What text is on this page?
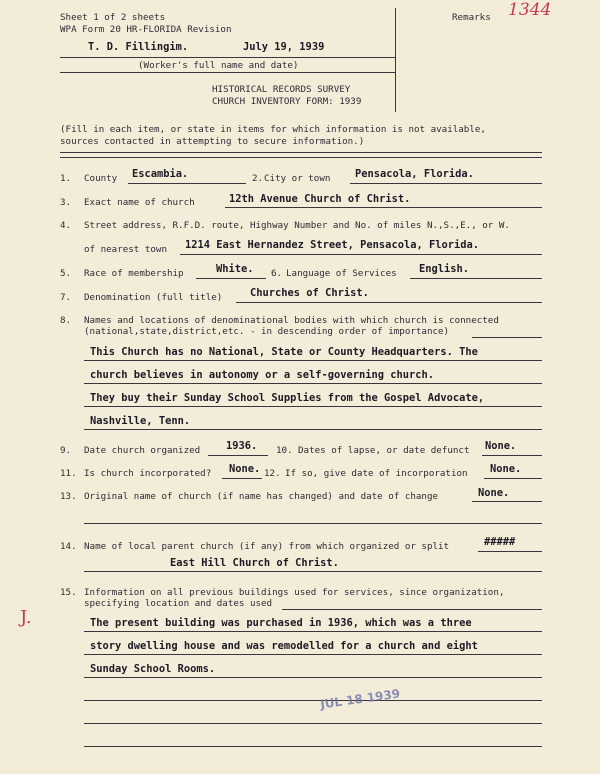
Sheet 1 of 2 sheets
WPA Form 20 HR-FLORIDA Revision
Remarks 1344
T. D. Fillingim.	July 19, 1939
(Worker's full name and date)
HISTORICAL RECORDS SURVEY
CHURCH INVENTORY FORM: 1939
(Fill in each item, or state in items for which information is not available,
sources contacted in attempting to secure information.)
1. County Escambia.	2. City or town Pensacola, Florida.
3. Exact name of church	12th Avenue Church of Christ.
4. Street address, R.F.D. route, Highway Number and No. of miles N.,S.,E., or W.
of nearest town 1214 East Hernandez Street, Pensacola, Florida.
5. Race of membership	White. 6. Language of Services English.
7. Denomination (full title)	Churches of Christ.
8. Names and locations of denominational bodies with which church is connected
(national,state,district,etc. - in descending order of importance)
This Church has no National, State or County Headquarters. The
church believes in autonomy or a self-governing church.
They buy their Sunday School Supplies from the Gospel Advocate,
Nashville, Tenn.
9. Date church organized 1936. 10. Dates of lapse, or date defunct None.
11. Is church incorporated? None. 12. If so, give date of incorporation None.
13. Original name of church (if name has changed) and date of change	None.
14. Name of local parent church (if any) from which organized or split	#####
East Hill Church of Christ.
15. Information on all previous buildings used for services, since organization,
specifying location and dates used
The present building was purchased in 1936, which was a three
story dwelling house and was remodelled for a church and eight
Sunday School Rooms.
J.
JUL 18 1939
